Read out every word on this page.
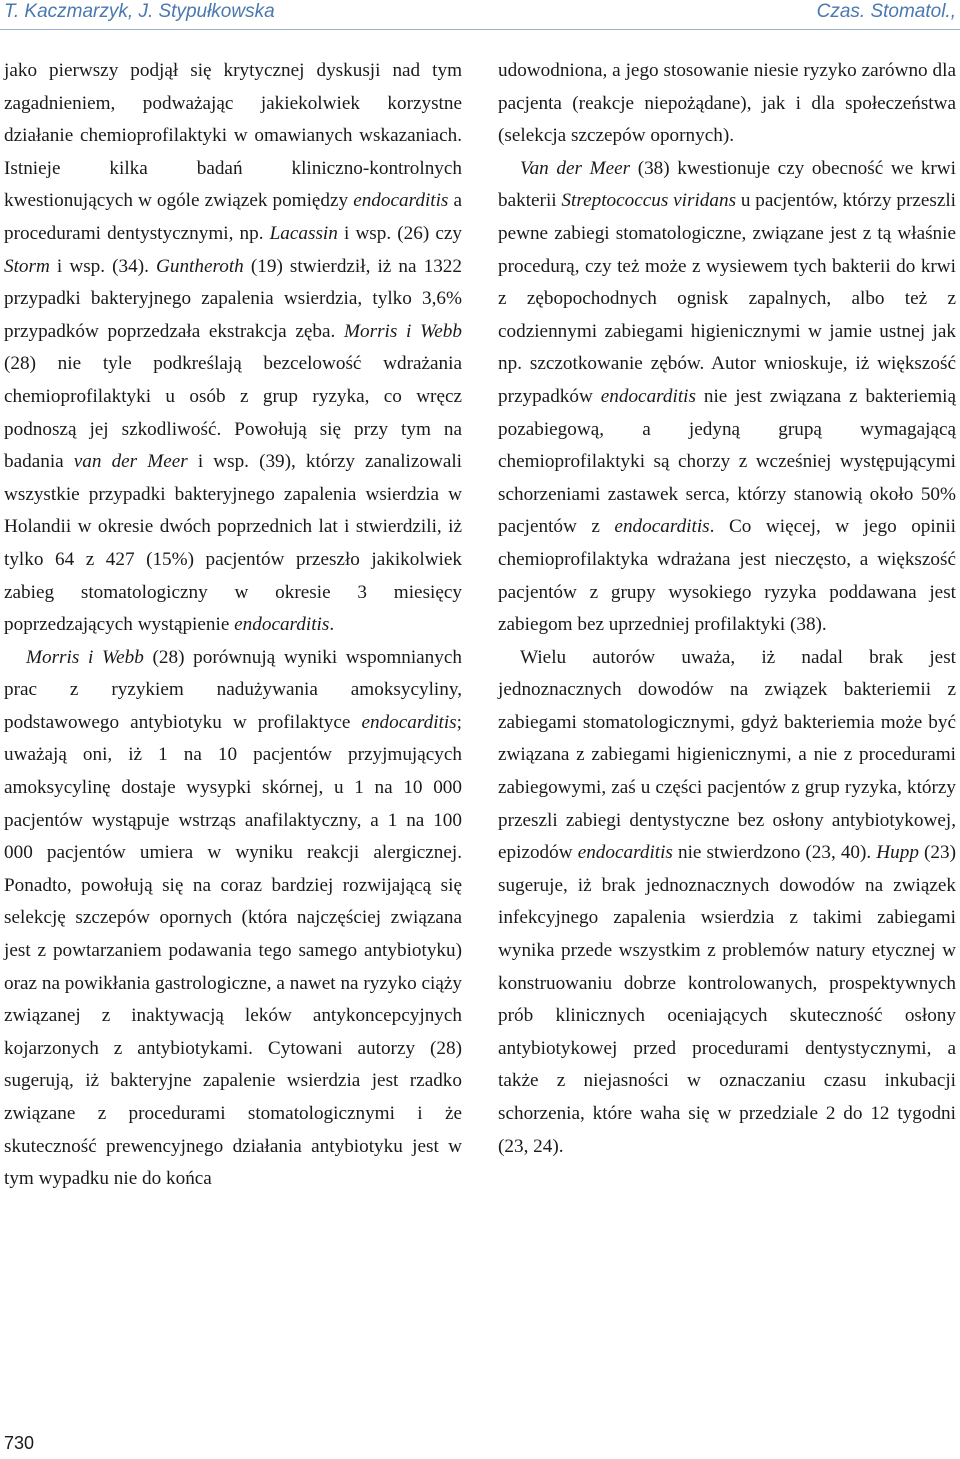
T. Kaczmarzyk, J. Stypułkowska	Czas. Stomatol.,

jako pierwszy podjął się krytycznej dyskusji nad tym zagadnieniem, podważając jakiekolwiek korzystne działanie chemioprofilaktyki w omawianych wskazaniach. Istnieje kilka badań kliniczno-kontrolnych kwestionujących w ogóle związek pomiędzy endocarditis a procedurami dentystycznymi, np. Lacassin i wsp. (26) czy Storm i wsp. (34). Guntheroth (19) stwierdził, iż na 1322 przypadki bakteryjnego zapalenia wsierdzia, tylko 3,6% przypadków poprzedzała ekstrakcja zęba. Morris i Webb (28) nie tyle podkreślają bezcelowość wdrażania chemioprofilaktyki u osób z grup ryzyka, co wręcz podnoszą jej szkodliwość. Powołują się przy tym na badania van der Meer i wsp. (39), którzy zanalizowali wszystkie przypadki bakteryjnego zapalenia wsierdzia w Holandii w okresie dwóch poprzednich lat i stwierdzili, iż tylko 64 z 427 (15%) pacjentów przeszło jakikolwiek zabieg stomatologiczny w okresie 3 miesięcy poprzedzających wystąpienie endocarditis.

Morris i Webb (28) porównują wyniki wspomnianych prac z ryzykiem nadużywania amoksycyliny, podstawowego antybiotyku w profilaktyce endocarditis; uważają oni, iż 1 na 10 pacjentów przyjmujących amoksycylinę dostaje wysypki skórnej, u 1 na 10 000 pacjentów wystąpuje wstrząs anafilaktyczny, a 1 na 100 000 pacjentów umiera w wyniku reakcji alergicznej. Ponadto, powołują się na coraz bardziej rozwijającą się selekcję szczepów opornych (która najczęściej związana jest z powtarzaniem podawania tego samego antybiotyku) oraz na powikłania gastrologiczne, a nawet na ryzyko ciąży związanej z inaktywacją leków antykoncepcyjnych kojarzonych z antybiotykami. Cytowani autorzy (28) sugerują, iż bakteryjne zapalenie wsierdzia jest rzadko związane z procedurami stomatologicznymi i że skuteczność prewencyjnego działania antybiotyku jest w tym wypadku nie do końca

udowodniona, a jego stosowanie niesie ryzyko zarówno dla pacjenta (reakcje niepożądane), jak i dla społeczeństwa (selekcja szczepów opornych).

Van der Meer (38) kwestionuje czy obecność we krwi bakterii Streptococcus viridans u pacjentów, którzy przeszli pewne zabiegi stomatologiczne, związane jest z tą właśnie procedurą, czy też może z wysiewem tych bakterii do krwi z zębopochodnych ognisk zapalnych, albo też z codziennymi zabiegami higienicznymi w jamie ustnej jak np. szczotkowanie zębów. Autor wnioskuje, iż większość przypadków endocarditis nie jest związana z bakteriemią pozabiegową, a jedyną grupą wymagającą chemioprofilaktyki są chorzy z wcześniej występującymi schorzeniami zastawek serca, którzy stanowią około 50% pacjentów z endocarditis. Co więcej, w jego opinii chemioprofilaktyka wdrażana jest nieczęsto, a większość pacjentów z grupy wysokiego ryzyka poddawana jest zabiegom bez uprzedniej profilaktyki (38).

Wielu autorów uważa, iż nadal brak jest jednoznacznych dowodów na związek bakteriemii z zabiegami stomatologicznymi, gdyż bakteriemia może być związana z zabiegami higienicznymi, a nie z procedurami zabiegowymi, zaś u części pacjentów z grup ryzyka, którzy przeszli zabiegi dentystyczne bez osłony antybiotykowej, epizodów endocarditis nie stwierdzono (23, 40). Hupp (23) sugeruje, iż brak jednoznacznych dowodów na związek infekcyjnego zapalenia wsierdzia z takimi zabiegami wynika przede wszystkim z problemów natury etycznej w konstruowaniu dobrze kontrolowanych, prospektywnych prób klinicznych oceniających skuteczność osłony antybiotykowej przed procedurami dentystycznymi, a także z niejasności w oznaczaniu czasu inkubacji schorzenia, które waha się w przedziale 2 do 12 tygodni (23, 24).

730
